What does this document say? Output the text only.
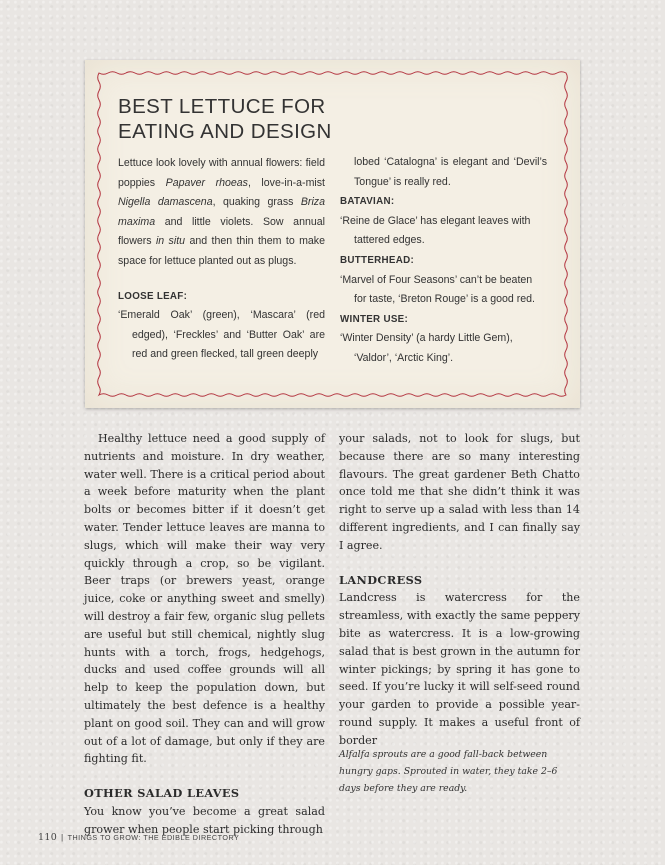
BEST LETTUCE FOR
EATING AND DESIGN

Lettuce look lovely with annual flowers: field poppies Papaver rhoeas, love-in-a-mist Nigella damascena, quaking grass Briza maxima and little violets. Sow annual flowers in situ and then thin them to make space for lettuce planted out as plugs.

LOOSE LEAF:

‘Emerald Oak’ (green), ‘Mascara’ (red edged), ‘Freckles’ and ‘Butter Oak’ are red and green flecked, tall green deeply

lobed ‘Catalogna’ is elegant and ‘Devil’s Tongue’ is really red.

BATAVIAN:

‘Reine de Glace’ has elegant leaves with tattered edges.

BUTTERHEAD:

‘Marvel of Four Seasons’ can’t be beaten for taste, ‘Breton Rouge’ is a good red.

WINTER USE:

‘Winter Density’ (a hardy Little Gem), ‘Valdor’, ‘Arctic King’.

Healthy lettuce need a good supply of nutrients and moisture. In dry weather, water well. There is a critical period about a week before maturity when the plant bolts or becomes bitter if it doesn’t get water. Tender lettuce leaves are manna to slugs, which will make their way very quickly through a crop, so be vigilant. Beer traps (or brewers yeast, orange juice, coke or anything sweet and smelly) will destroy a fair few, organic slug pellets are useful but still chemical, nightly slug hunts with a torch, frogs, hedgehogs, ducks and used coffee grounds will all help to keep the population down, but ultimately the best defence is a healthy plant on good soil. They can and will grow out of a lot of damage, but only if they are fighting fit.

OTHER SALAD LEAVES

You know you’ve become a great salad grower when people start picking through

your salads, not to look for slugs, but because there are so many interesting flavours. The great gardener Beth Chatto once told me that she didn’t think it was right to serve up a salad with less than 14 different ingredients, and I can finally say I agree.

LANDCRESS

Landcress is watercress for the streamless, with exactly the same peppery bite as watercress. It is a low-growing salad that is best grown in the autumn for winter pickings; by spring it has gone to seed. If you’re lucky it will self-seed round your garden to provide a possible year-round supply. It makes a useful front of border

Alfalfa sprouts are a good fall-back between hungry gaps. Sprouted in water, they take 2–6 days before they are ready.
110 | THINGS TO GROW: THE EDIBLE DIRECTORY
